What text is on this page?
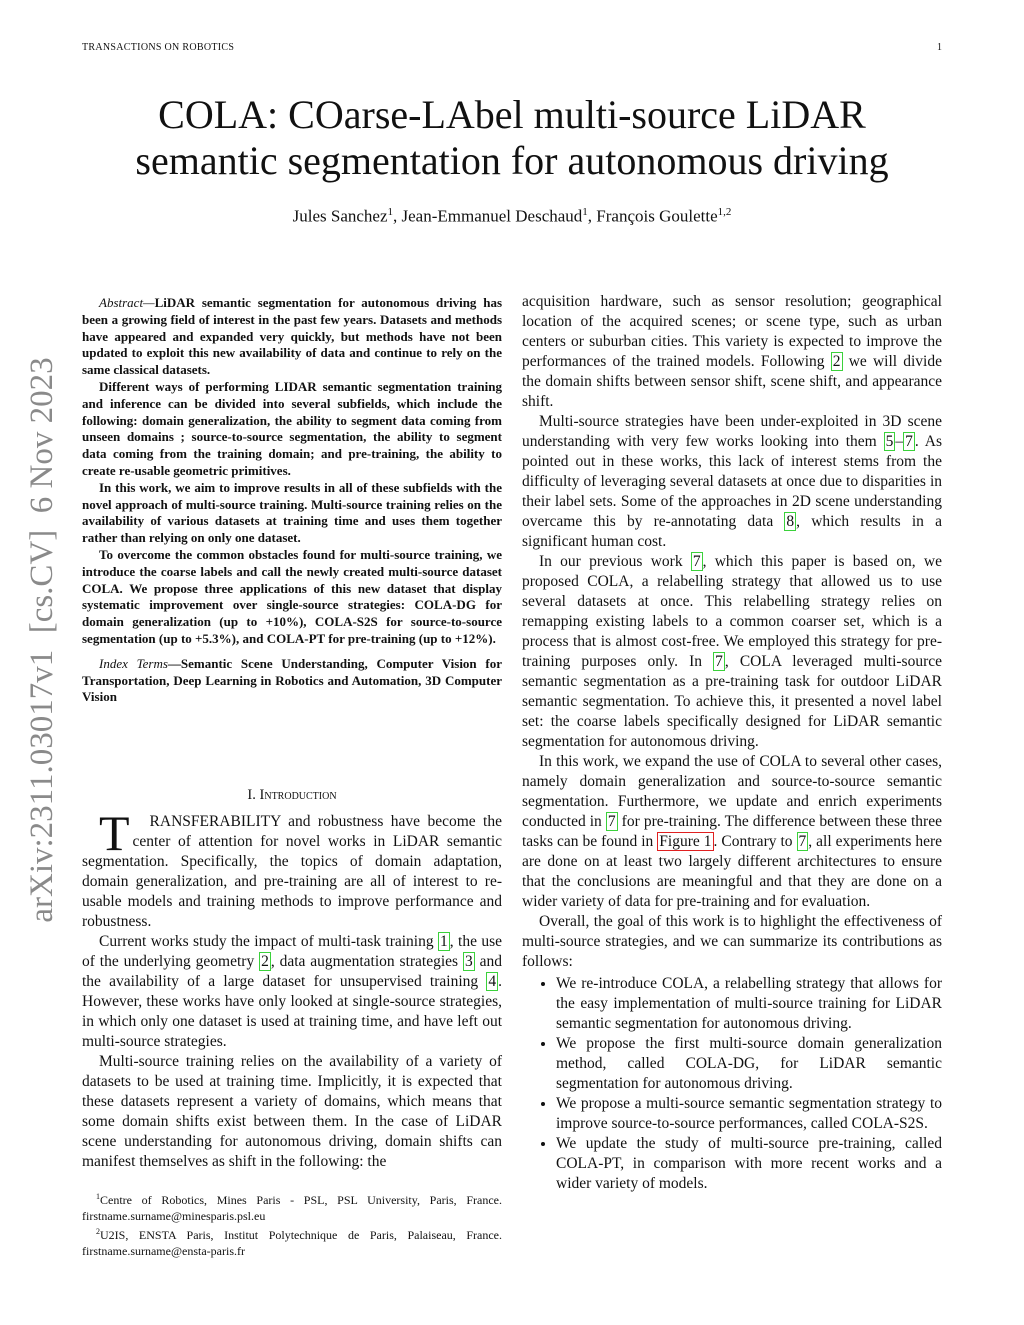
TRANSACTIONS ON ROBOTICS	1
COLA: COarse-LAbel multi-source LiDAR
semantic segmentation for autonomous driving
Jules Sanchez$^1$, Jean-Emmanuel Deschaud$^1$, François Goulette$^{1,2}$
arXiv:2311.03017v1  [cs.CV]  6 Nov 2023

Abstract—LiDAR semantic segmentation for autonomous driving has been a growing field of interest in the past few years. Datasets and methods have appeared and expanded very quickly, but methods have not been updated to exploit this new availability of data and continue to rely on the same classical datasets.

Different ways of performing LIDAR semantic segmentation training and inference can be divided into several subfields, which include the following: domain generalization, the ability to segment data coming from unseen domains ; source-to-source segmentation, the ability to segment data coming from the training domain; and pre-training, the ability to create re-usable geometric primitives.

In this work, we aim to improve results in all of these subfields with the novel approach of multi-source training. Multi-source training relies on the availability of various datasets at training time and uses them together rather than relying on only one dataset.

To overcome the common obstacles found for multi-source training, we introduce the coarse labels and call the newly created multi-source dataset COLA. We propose three applications of this new dataset that display systematic improvement over single-source strategies: COLA-DG for domain generalization (up to +10%), COLA-S2S for source-to-source segmentation (up to +5.3%), and COLA-PT for pre-training (up to +12%).

Index Terms—Semantic Scene Understanding, Computer Vision for Transportation, Deep Learning in Robotics and Automation, 3D Computer Vision

I. Introduction

T RANSFERABILITY and robustness have become the center of attention for novel works in LiDAR semantic segmentation. Specifically, the topics of domain adaptation, domain generalization, and pre-training are all of interest to re-usable models and training methods to improve performance and robustness.

Current works study the impact of multi-task training 1 , the use of the underlying geometry 2 , data augmentation strategies 3 and the availability of a large dataset for unsupervised training 4 . However, these works have only looked at single-source strategies, in which only one dataset is used at training time, and have left out multi-source strategies.

Multi-source training relies on the availability of a variety of datasets to be used at training time. Implicitly, it is expected that these datasets represent a variety of domains, which means that some domain shifts exist between them. In the case of LiDAR scene understanding for autonomous driving, domain shifts can manifest themselves as shift in the following: the

acquisition hardware, such as sensor resolution; geographical location of the acquired scenes; or scene type, such as urban centers or suburban cities. This variety is expected to improve the performances of the trained models. Following 2 we will divide the domain shifts between sensor shift, scene shift, and appearance shift.

Multi-source strategies have been under-exploited in 3D scene understanding with very few works looking into them 5 – 7 . As pointed out in these works, this lack of interest stems from the difficulty of leveraging several datasets at once due to disparities in their label sets. Some of the approaches in 2D scene understanding overcame this by re-annotating data 8 , which results in a significant human cost.

In our previous work 7 , which this paper is based on, we proposed COLA, a relabelling strategy that allowed us to use several datasets at once. This relabelling strategy relies on remapping existing labels to a common coarser set, which is a process that is almost cost-free. We employed this strategy for pre-training purposes only. In 7 , COLA leveraged multi-source semantic segmentation as a pre-training task for outdoor LiDAR semantic segmentation. To achieve this, it presented a novel label set: the coarse labels specifically designed for LiDAR semantic segmentation for autonomous driving.

In this work, we expand the use of COLA to several other cases, namely domain generalization and source-to-source semantic segmentation. Furthermore, we update and enrich experiments conducted in 7 for pre-training. The difference between these three tasks can be found in Figure 1 . Contrary to 7 , all experiments here are done on at least two largely different architectures to ensure that the conclusions are meaningful and that they are done on a wider variety of data for pre-training and for evaluation.

Overall, the goal of this work is to highlight the effectiveness of multi-source strategies, and we can summarize its contributions as follows:

• We re-introduce COLA, a relabelling strategy that allows for the easy implementation of multi-source training for LiDAR semantic segmentation for autonomous driving.
• We propose the first multi-source domain generalization method, called COLA-DG, for LiDAR semantic segmentation for autonomous driving.
• We propose a multi-source semantic segmentation strategy to improve source-to-source performances, called COLA-S2S.
• We update the study of multi-source pre-training, called COLA-PT, in comparison with more recent works and a wider variety of models.

$^1$Centre of Robotics, Mines Paris - PSL, PSL University, Paris, France. firstname.surname@minesparis.psl.eu

$^2$U2IS, ENSTA Paris, Institut Polytechnique de Paris, Palaiseau, France. firstname.surname@ensta-paris.fr
